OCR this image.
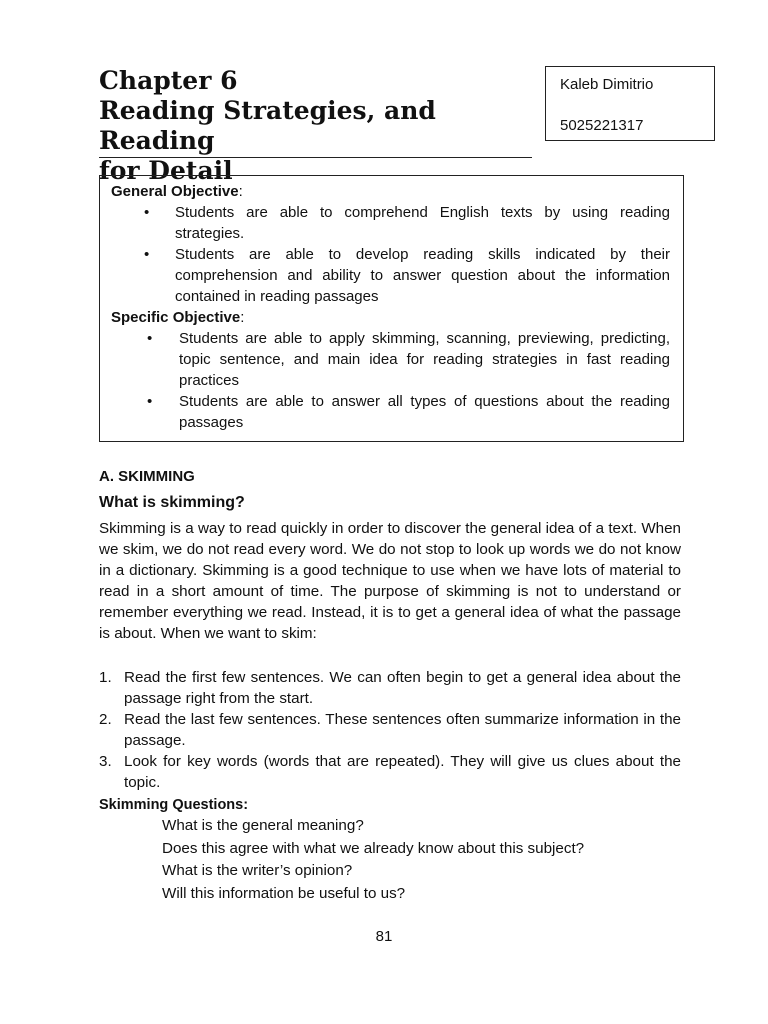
Chapter 6
Reading Strategies, and Reading
for Detail
Kaleb Dimitrio
5025221317
General Objective:
• Students are able to comprehend English texts by using reading strategies.
• Students are able to develop reading skills indicated by their comprehension and ability to answer question about the information contained in reading passages
Specific Objective:
• Students are able to apply skimming, scanning, previewing, predicting, topic sentence, and main idea for reading strategies in fast reading practices
• Students are able to answer all types of questions about the reading passages
A. SKIMMING
What is skimming?

Skimming is a way to read quickly in order to discover the general idea of a text. When we skim, we do not read every word. We do not stop to look up words we do not know in a dictionary. Skimming is a good technique to use when we have lots of material to read in a short amount of time. The purpose of skimming is not to understand or remember everything we read. Instead, it is to get a general idea of what the passage is about. When we want to skim:

1. Read the first few sentences. We can often begin to get a general idea about the passage right from the start.
2. Read the last few sentences. These sentences often summarize information in the passage.
3. Look for key words (words that are repeated). They will give us clues about the topic.
Skimming Questions:
What is the general meaning?
Does this agree with what we already know about this subject?
What is the writer’s opinion?
Will this information be useful to us?
81
